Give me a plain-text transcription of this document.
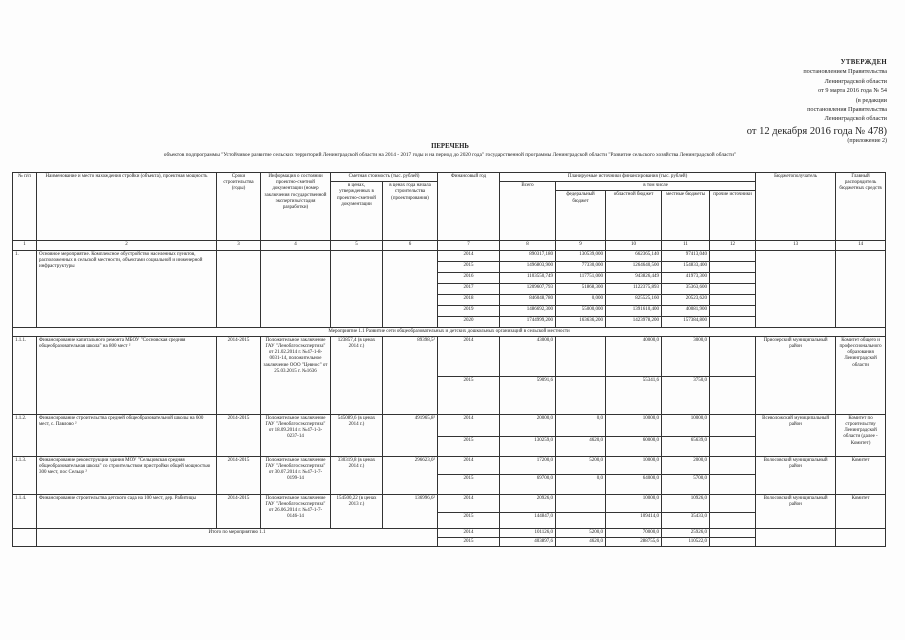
УТВЕРЖДЕН
постановлением Правительства
Ленинградской области
от 9 марта 2016 года № 54
(в редакции
постановления Правительства
Ленинградской области
от 12 декабря 2016 года № 478)
(приложение 2)
ПЕРЕЧЕНЬ
объектов подпрограммы "Устойчивое развитие сельских территорий Ленинградской области на 2014 - 2017 годы и на период до 2020 года" государственной программы Ленинградской области "Развитие сельского хозяйства Ленинградской области"
№ п/п	Наименование и место нахождения стройки (объекта), проектная мощность	Сроки строительства (годы)	Информация о состоянии проектно-сметной документации (номер заключения государственной экспертизы/стадия разработки)	Сметная стоимость (тыс. рублей)		Финансовый год	Планируемые источники финансирования (тыс. рублей)					Бюджетополучатель	Главный распорядитель бюджетных средств
				в ценах, утвержденных в проектно-сметной документации	в ценах года начала строительства (проектирования)		Всего	в том числе					
								федеральный бюджет	областной бюджет	местные бюджеты	прочие источники		
1	2	3	4	5	6	7	8	9	10	11	12	13	14
1.	Основное мероприятие. Комплексное обустройство населенных пунктов, расположенных в сельской местности, объектами социальной и инженерной инфраструктуры					2014	890317,180	130539,000	662365,140	97413,040			
						2015	1496803,900	77330,000	1264640,500	154833,400			
						2016	1103550,749	117751,000	943826,449	41973,300			
						2017	1209607,793	51868,300	1122375,893	35363,600			
						2018	846048,780	0,000	825525,160	20523,620			
						2019	1486692,300	55000,000	1391610,400	40081,900			
						2020	1744999,200	163636,200	1423978,200	157384,800			
Мероприятие 1.1 Развитие сети общеобразовательных и детских дошкольных организаций в сельской местности													
1.1.1.	Финансирование капитального ремонта МБОУ "Сосновская средняя общеобразовательная школа" на 800 мест ²	2014-2015	Положительное заключение ГАУ "Леноблгосэкспертиза" от 21.02.2014 г. №47-1-8-0031-14, положительное заключение ООО "Цевнос" от 25.03.2015 г. №1636	123857,4 (в ценах 2014 г.)	89398,5²	2014	43000,0		40000,0	3000,0		Приозерский муниципальный район	Комитет общего и профессионального образования Ленинградской области
						2015	59091,6		55341,6	3750,0			
1.1.2.	Финансирование строительства средней общеобразовательной школы на 600 мест, с. Павлово ²	2014-2015	Положительное заключение ГАУ "Леноблгосэкспертиза" от 18.09.2014 г. №47-1-3-0237-14	545089,6 (в ценах 2014 г.)	491965,8²	2014	20000,0	0,0	10000,0	10000,0		Всеволожский муниципальный район	Комитет по строительству Ленинградской области (далее - Комитет)
						2015	130259,0	4620,0	60000,0	65639,0			
1.1.3.	Финансирование реконструкции здания МОУ "Сельцовская средняя общеобразовательная школа" со строительством пристройки общей мощностью 300 мест, пос Сельцо ²	2014-2015	Положительное заключение ГАУ "Леноблгосэкспертиза" от 30.07.2014 г. №47-1-7-0199-14	330319,8 (в ценах 2014 г.)	296623,0²	2014	17200,0	5200,0	10000,0	2000,0		Волосовский муниципальный район	Комитет
						2015	69700,0	0,0	64000,0	5700,0			
1.1.4.	Финансирование строительства детского сада на 100 мест, дер. Рабитицы	2014-2015	Положительное заключение ГАУ "Леноблгосэкспертиза" от 26.06.2014 г. №47-1-7-0146-14	154500,22 (в ценах 2013 г.)	136996,6²	2014	20926,0		10000,0	10926,0		Волосовский муниципальный район	Комитет
						2015	144847,0		109414,0	35433,0			
	Итого по мероприятию 1.1					2014	101126,0	5200,0	70000,0	25926,0			
						2015	403897,6	4620,0	288755,6	110522,0			
